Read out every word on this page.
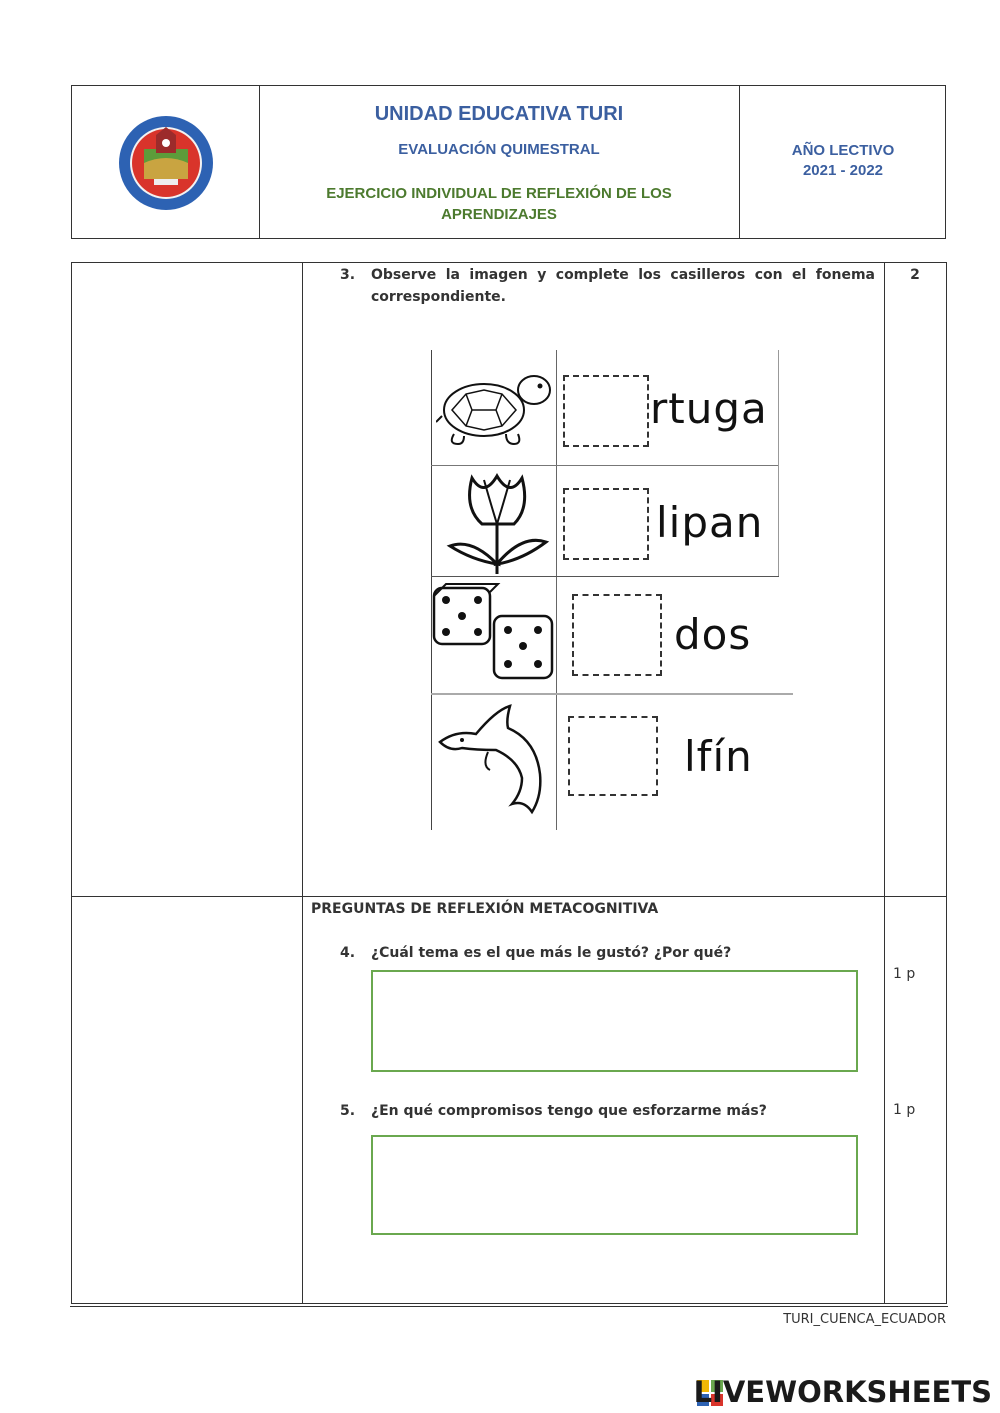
UNIDAD EDUCATIVA TURI
EVALUACIÓN QUIMESTRAL
EJERCICIO INDIVIDUAL DE REFLEXIÓN DE LOS
APRENDIZAJES
AÑO LECTIVO
2021 - 2022
3. Observe la imagen y complete los casilleros con el fonema
correspondiente.
2
rtuga
lipan
dos
lfín
PREGUNTAS DE REFLEXIÓN METACOGNITIVA
4. ¿Cuál tema es el que más le gustó? ¿Por qué?
1 p
5. ¿En qué compromisos tengo que esforzarme más?	1 p
TURI_CUENCA_ECUADOR
LIVEWORKSHEETS
